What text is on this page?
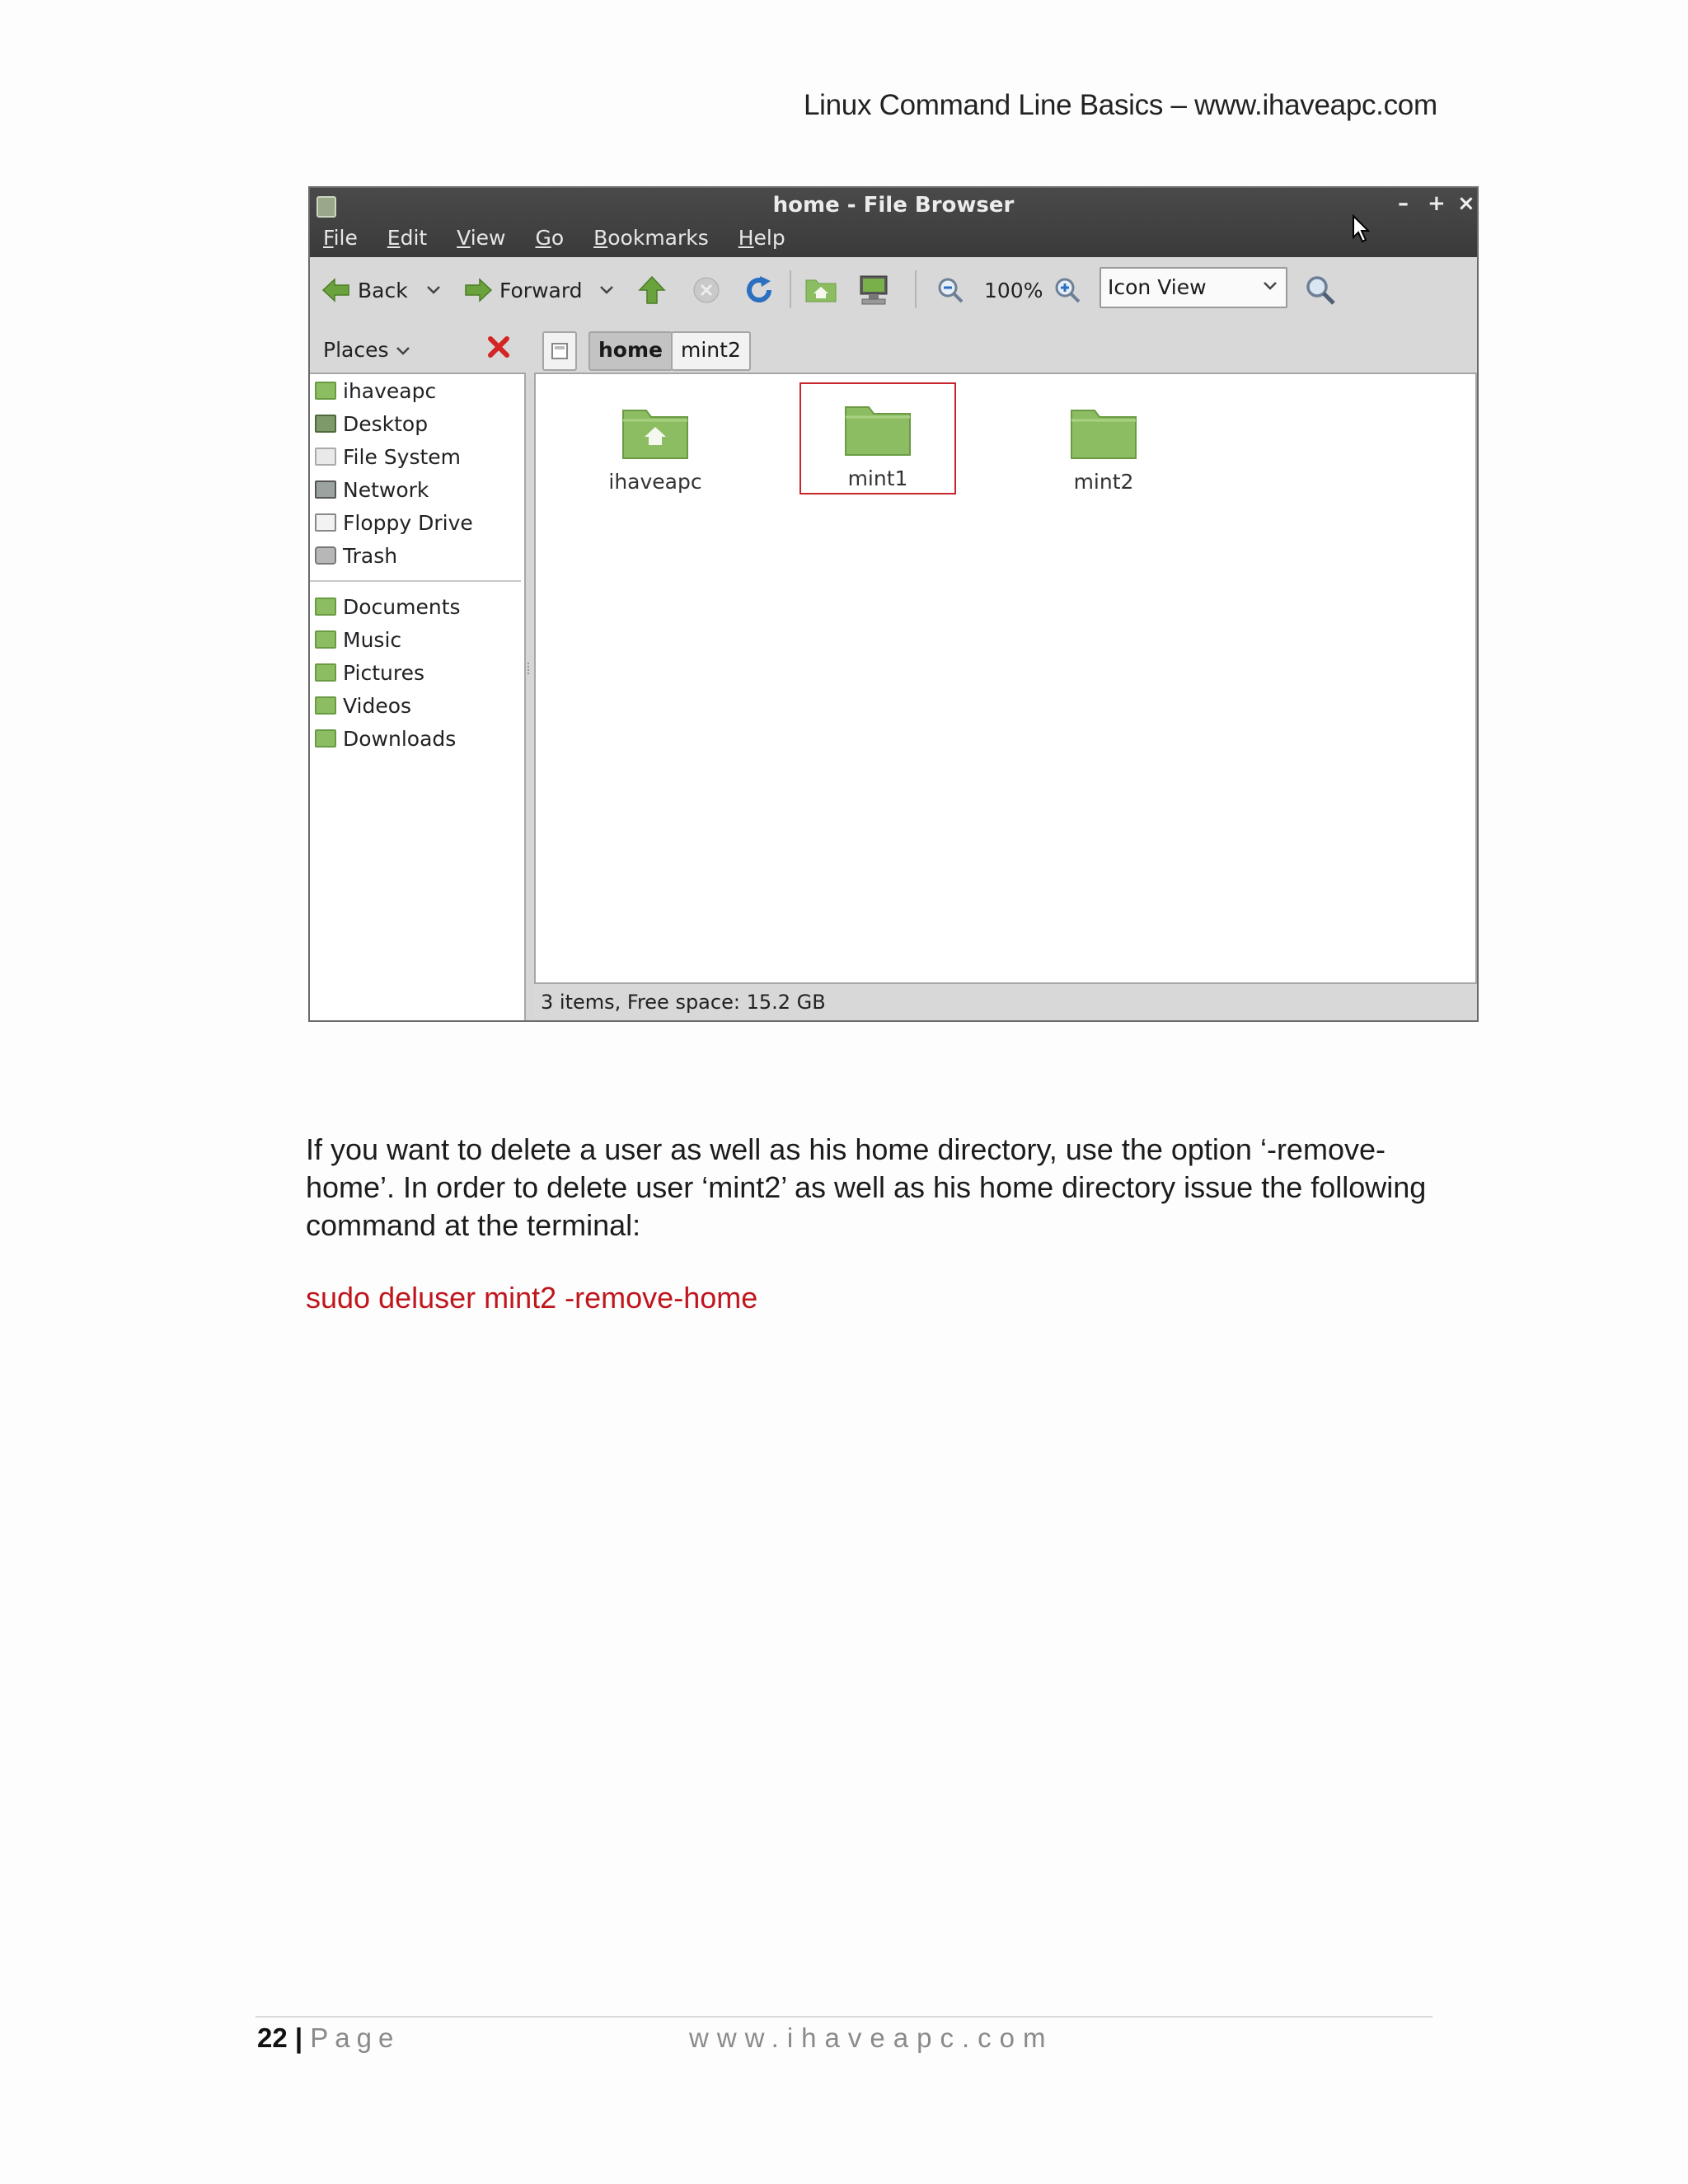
Linux Command Line Basics – www.ihaveapc.com
home - File Browser	– + ×
File Edit View Go Bookmarks Help
Back	Forward	100%	Icon View
Places	home mint2
ihaveapc
Desktop
File System
Network
Floppy Drive
Trash
Documents
Music
Pictures
Videos
Downloads
ihaveapc	mint1	mint2
3 items, Free space: 15.2 GB
If you want to delete a user as well as his home directory, use the option ‘-remove-home’. In order to delete user ‘mint2’ as well as his home directory issue the following command at the terminal:
sudo deluser mint2 -remove-home
22 | Page	www.ihaveapc.com
